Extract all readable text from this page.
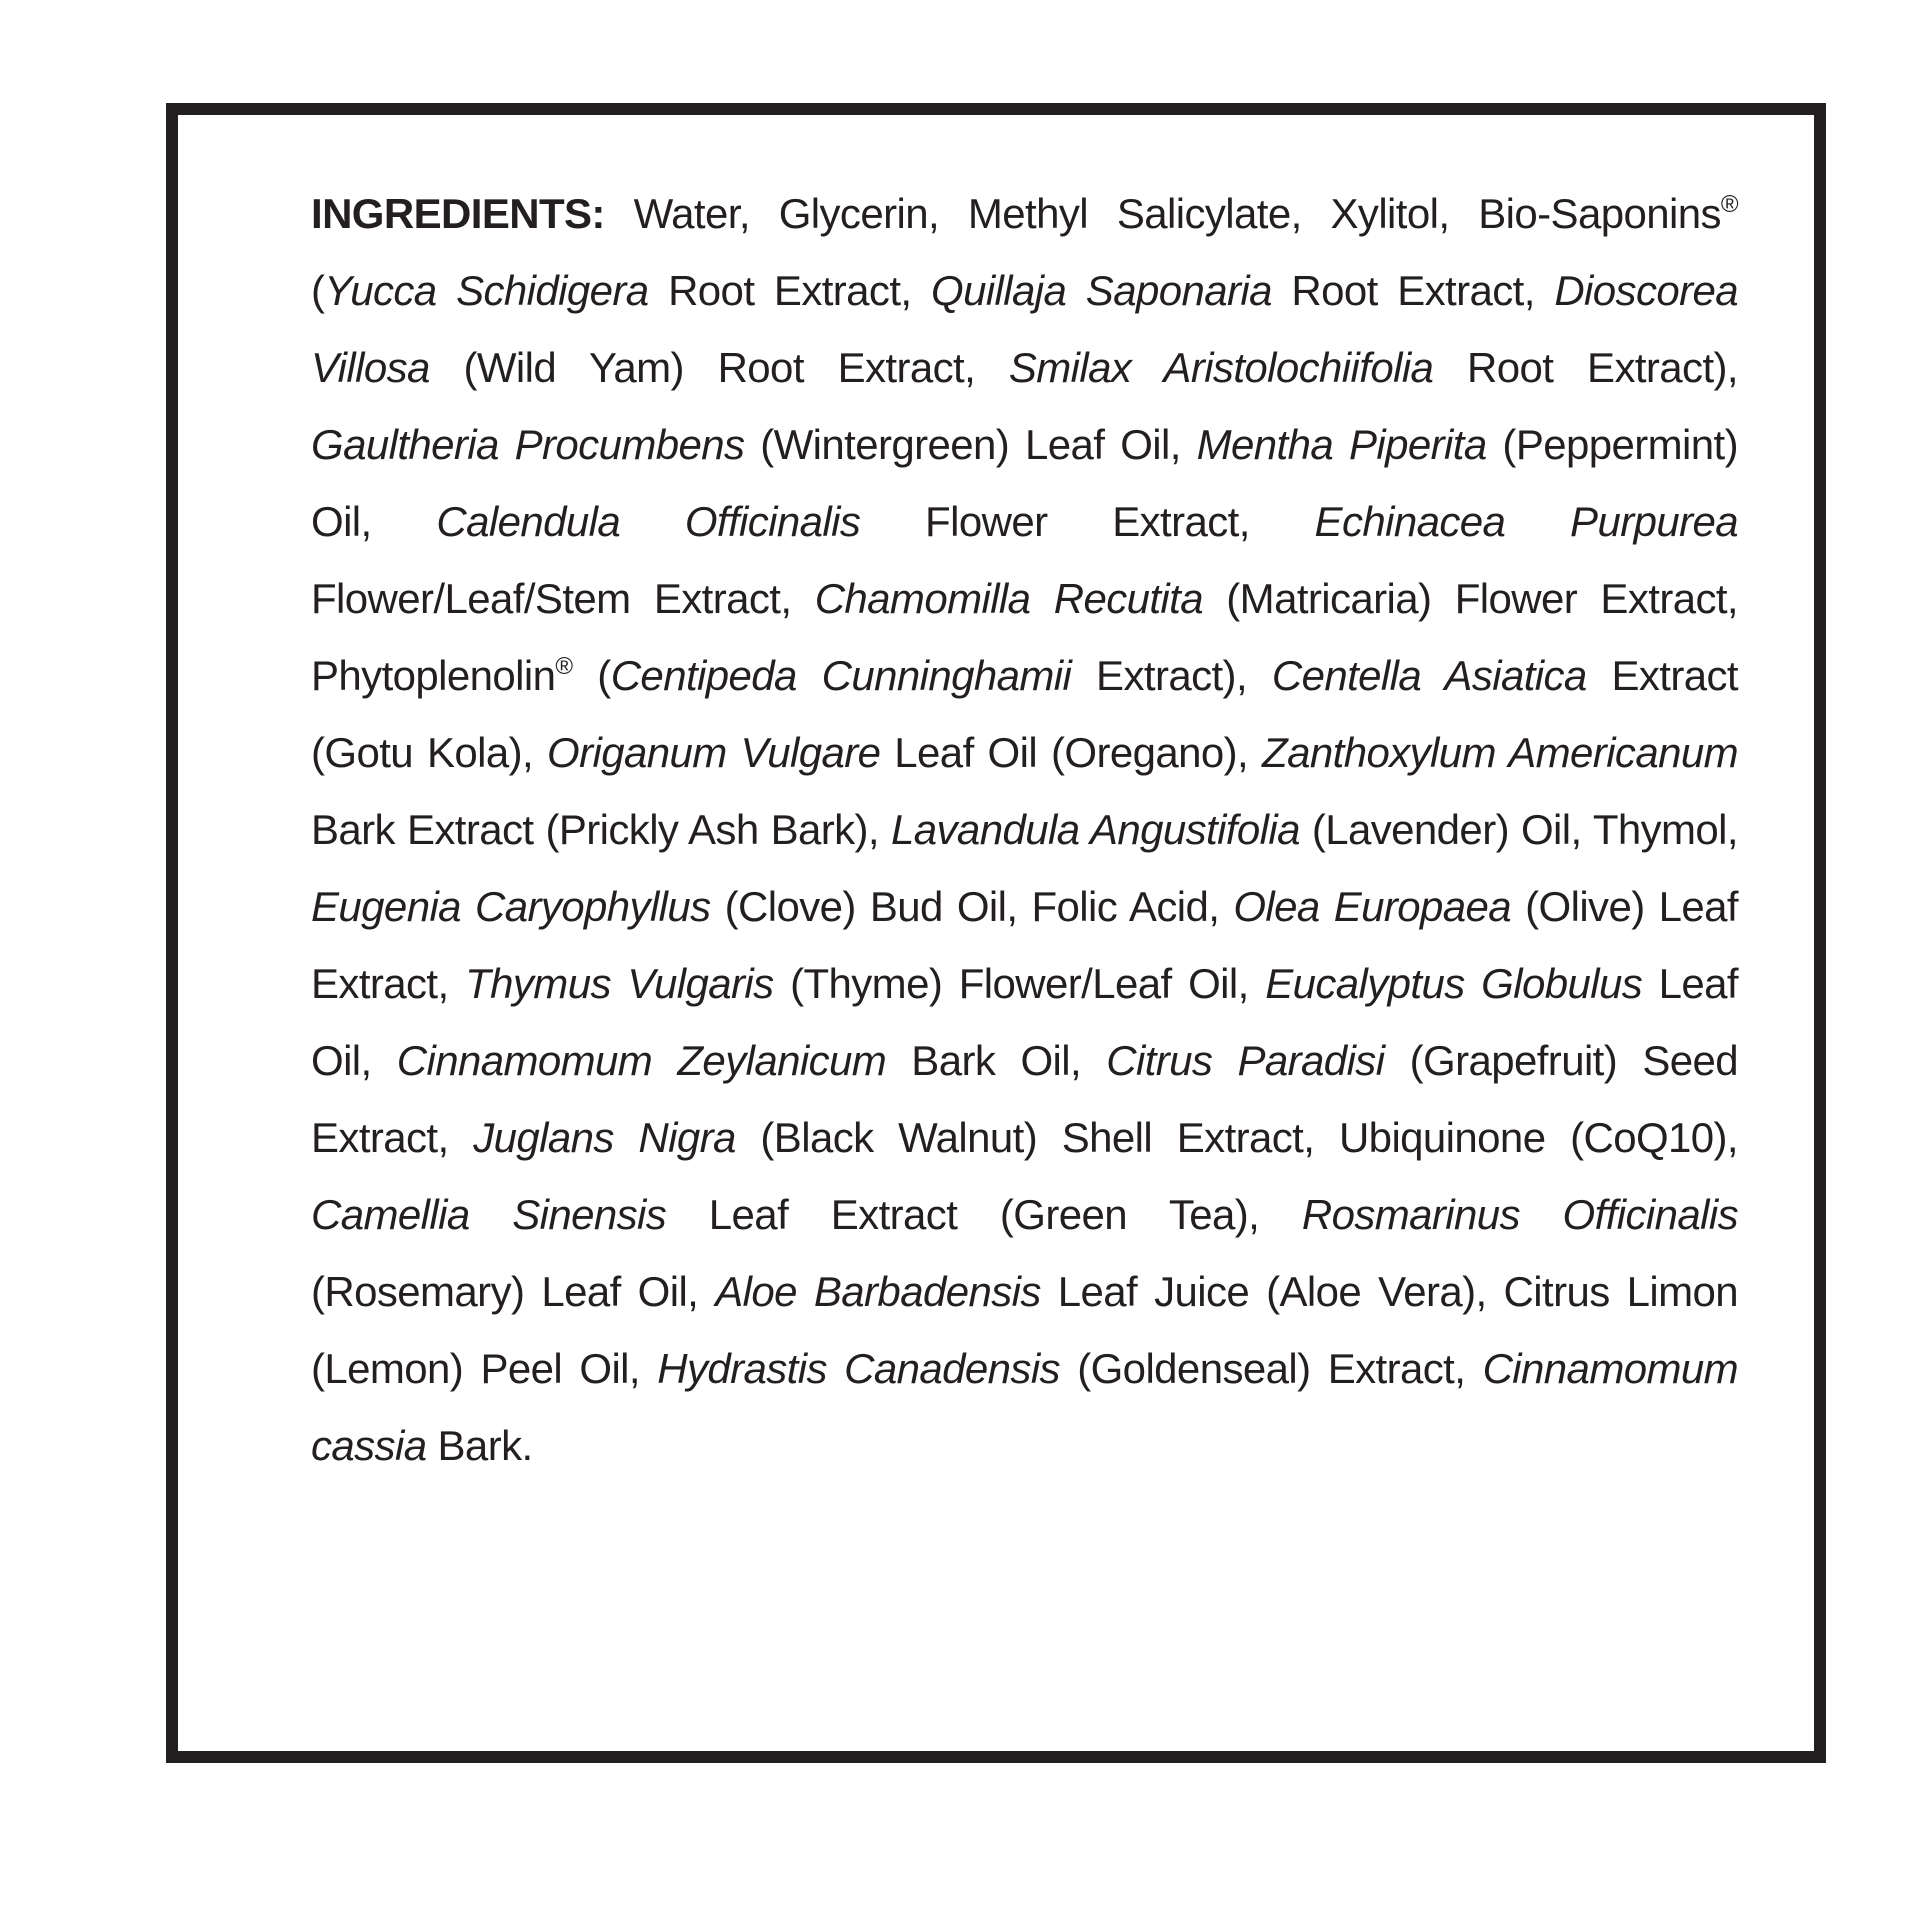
INGREDIENTS: Water, Glycerin, Methyl Salicylate, Xylitol, Bio-Saponins® (Yucca Schidigera Root Extract, Quillaja Saponaria Root Extract, Dioscorea Villosa (Wild Yam) Root Extract, Smilax Aristolochiifolia Root Extract), Gaultheria Procumbens (Wintergreen) Leaf Oil, Mentha Piperita (Peppermint) Oil, Calendula Officinalis Flower Extract, Echinacea Purpurea Flower/Leaf/Stem Extract, Chamomilla Recutita (Matricaria) Flower Extract, Phytoplenolin® (Centipeda Cunninghamii Extract), Centella Asiatica Extract (Gotu Kola), Origanum Vulgare Leaf Oil (Oregano), Zanthoxylum Americanum Bark Extract (Prickly Ash Bark), Lavandula Angustifolia (Lavender) Oil, Thymol, Eugenia Caryophyllus (Clove) Bud Oil, Folic Acid, Olea Europaea (Olive) Leaf Extract, Thymus Vulgaris (Thyme) Flower/Leaf Oil, Eucalyptus Globulus Leaf Oil, Cinnamomum Zeylanicum Bark Oil, Citrus Paradisi (Grapefruit) Seed Extract, Juglans Nigra (Black Walnut) Shell Extract, Ubiquinone (CoQ10), Camellia Sinensis Leaf Extract (Green Tea), Rosmarinus Officinalis (Rosemary) Leaf Oil, Aloe Barbadensis Leaf Juice (Aloe Vera), Citrus Limon (Lemon) Peel Oil, Hydrastis Canadensis (Goldenseal) Extract, Cinnamomum cassia Bark.
